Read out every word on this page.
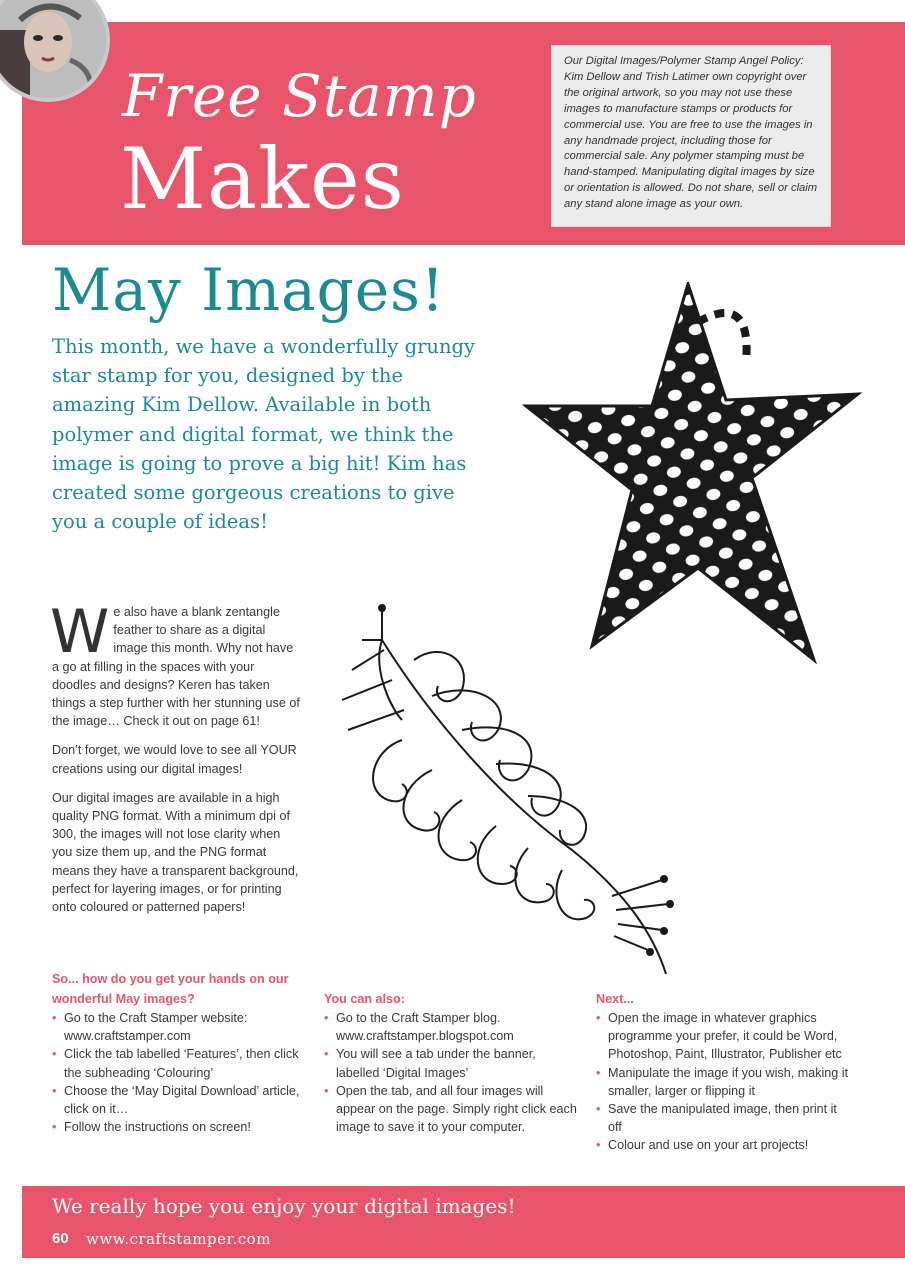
Free Stamp
Makes
Our Digital Images/Polymer Stamp Angel Policy: Kim Dellow and Trish Latimer own copyright over the original artwork, so you may not use these images to manufacture stamps or products for commercial use. You are free to use the images in any handmade project, including those for commercial sale. Any polymer stamping must be hand-stamped. Manipulating digital images by size or orientation is allowed. Do not share, sell or claim any stand alone image as your own.
May Images!
This month, we have a wonderfully grungy star stamp for you, designed by the amazing Kim Dellow. Available in both polymer and digital format, we think the image is going to prove a big hit! Kim has created some gorgeous creations to give you a couple of ideas!

We also have a blank zentangle feather to share as a digital image this month. Why not have a go at filling in the spaces with your doodles and designs? Keren has taken things a step further with her stunning use of the image… Check it out on page 61!

Don’t forget, we would love to see all YOUR creations using our digital images!

Our digital images are available in a high quality PNG format. With a minimum dpi of 300, the images will not lose clarity when you size them up, and the PNG format means they have a transparent background, perfect for layering images, or for printing onto coloured or patterned papers!

So... how do you get your hands on our wonderful May images?
• Go to the Craft Stamper website: www.craftstamper.com
• Click the tab labelled ‘Features’, then click the subheading ‘Colouring’
• Choose the ‘May Digital Download’ article, click on it…
• Follow the instructions on screen!
You can also:
• Go to the Craft Stamper blog. www.craftstamper.blogspot.com
• You will see a tab under the banner, labelled ‘Digital Images’
• Open the tab, and all four images will appear on the page. Simply right click each image to save it to your computer.
Next...
• Open the image in whatever graphics programme your prefer, it could be Word, Photoshop, Paint, Illustrator, Publisher etc
• Manipulate the image if you wish, making it smaller, larger or flipping it
• Save the manipulated image, then print it off
• Colour and use on your art projects!
We really hope you enjoy your digital images!
60 www.craftstamper.com
